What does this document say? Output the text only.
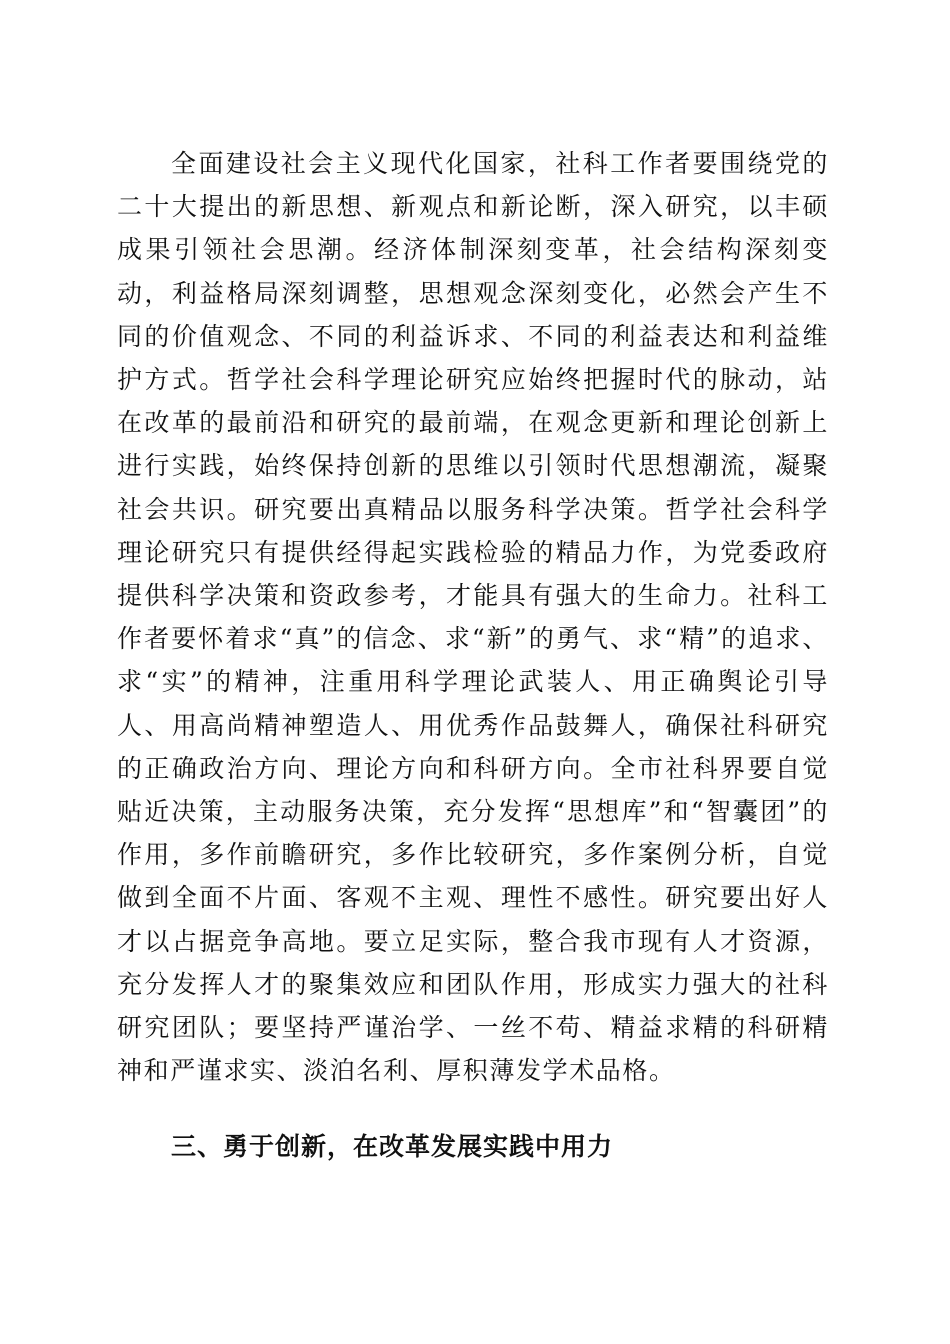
全面建设社会主义现代化国家，社科工作者要围绕党的二十大提出的新思想、新观点和新论断，深入研究，以丰硕成果引领社会思潮。经济体制深刻变革，社会结构深刻变动，利益格局深刻调整，思想观念深刻变化，必然会产生不同的价值观念、不同的利益诉求、不同的利益表达和利益维护方式。哲学社会科学理论研究应始终把握时代的脉动，站在改革的最前沿和研究的最前端，在观念更新和理论创新上进行实践，始终保持创新的思维以引领时代思想潮流，凝聚社会共识。研究要出真精品以服务科学决策。哲学社会科学理论研究只有提供经得起实践检验的精品力作，为党委政府提供科学决策和资政参考，才能具有强大的生命力。社科工作者要怀着求“真”的信念、求“新”的勇气、求“精”的追求、求“实”的精神，注重用科学理论武装人、用正确舆论引导人、用高尚精神塑造人、用优秀作品鼓舞人，确保社科研究的正确政治方向、理论方向和科研方向。全市社科界要自觉贴近决策，主动服务决策，充分发挥“思想库”和“智囊团”的作用，多作前瞻研究，多作比较研究，多作案例分析，自觉做到全面不片面、客观不主观、理性不感性。研究要出好人才以占据竞争高地。要立足实际，整合我市现有人才资源，充分发挥人才的聚集效应和团队作用，形成实力强大的社科研究团队；要坚持严谨治学、一丝不苟、精益求精的科研精神和严谨求实、淡泊名利、厚积薄发学术品格。

三、勇于创新，在改革发展实践中用力
